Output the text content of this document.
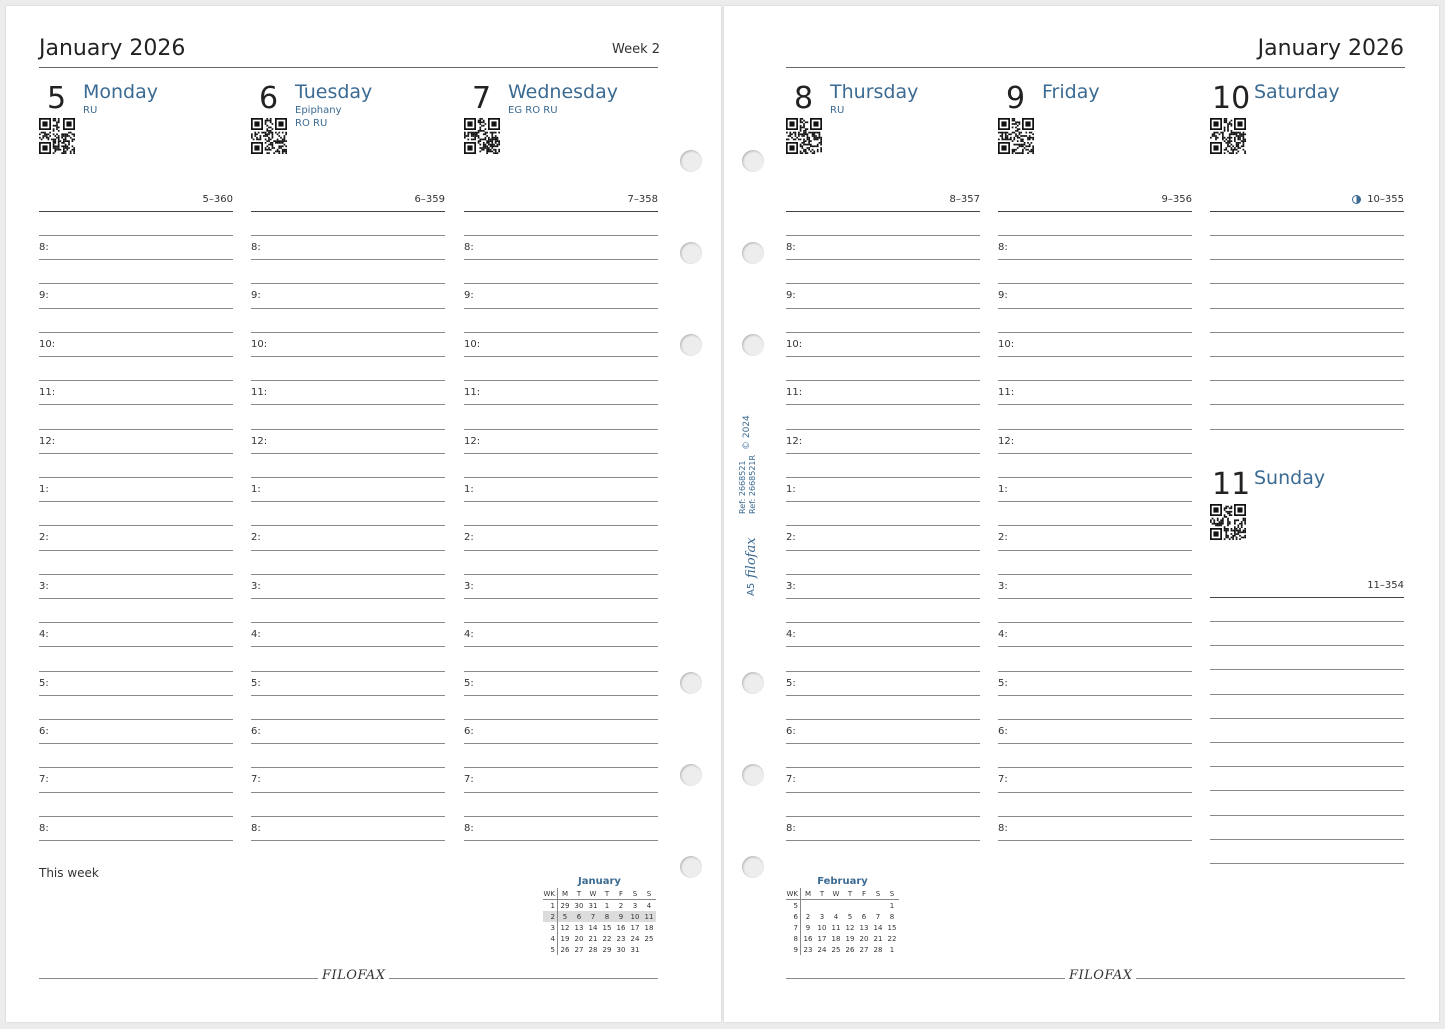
January 2026	Week 2
5 Monday
RU
5–360
8:
9:
10:
11:
12:
1:
2:
3:
4:
5:
6:
7:
8:
6 Tuesday
Epiphany
RO RU
6–359
8:
9:
10:
11:
12:
1:
2:
3:
4:
5:
6:
7:
8:
7 Wednesday
EG RO RU
7–358
8:
9:
10:
11:
12:
1:
2:
3:
4:
5:
6:
7:
8:
This week
January
WK	M	T	W	T	F	S	S
1	29	30	31	1	2	3	4
2	5	6	7	8	9	10	11
3	12	13	14	15	16	17	18
4	19	20	21	22	23	24	25
5	26	27	28	29	30	31	
FILOFAX
January 2026
8 Thursday
RU
8–357
8:
9:
10:
11:
12:
1:
2:
3:
4:
5:
6:
7:
8:
9 Friday
9–356
8:
9:
10:
11:
12:
1:
2:
3:
4:
5:
6:
7:
8:
10 Saturday
10–355
11 Sunday
11–354
February
WK	M	T	W	T	F	S	S
5							1
6	2	3	4	5	6	7	8
7	9	10	11	12	13	14	15
8	16	17	18	19	20	21	22
9	23	24	25	26	27	28	1
FILOFAX
A5
filofax
Ref: 2668521 Ref: 2668521R
© 2024
